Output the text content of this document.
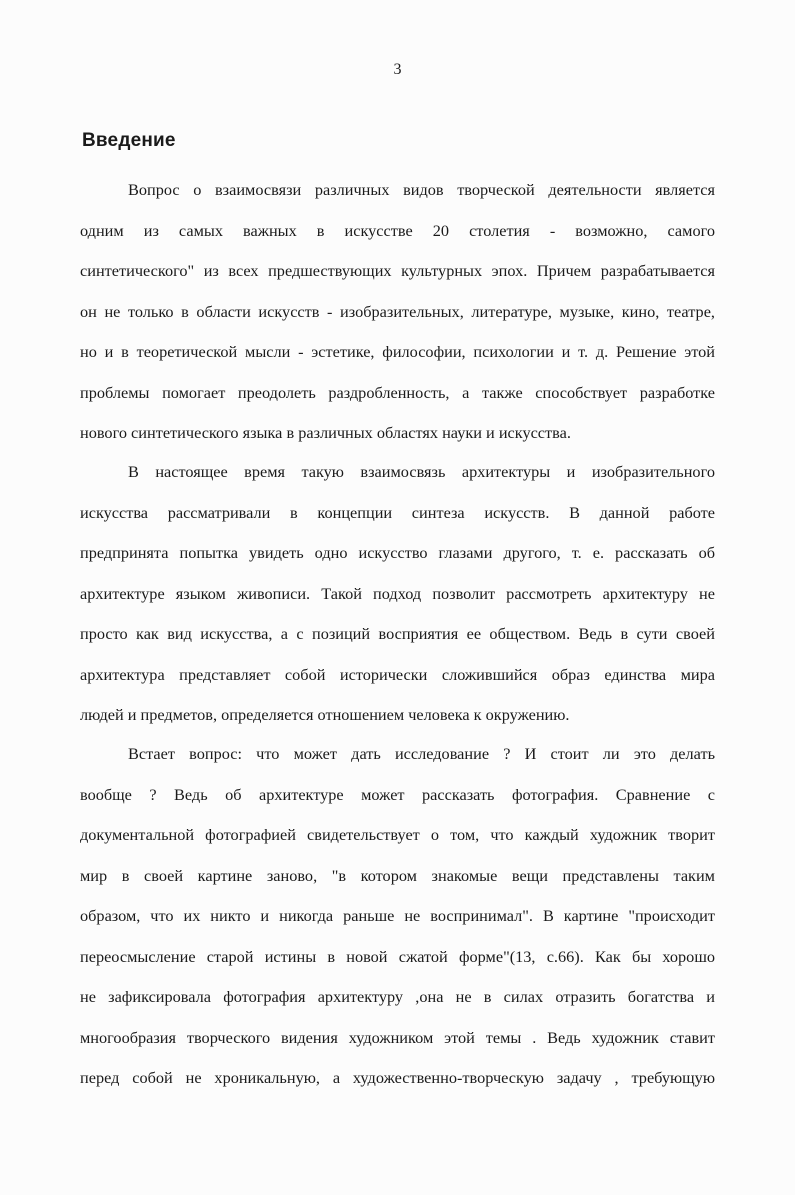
3
Введение
Вопрос о взаимосвязи различных видов творческой деятельности является
одним из самых важных в искусстве 20 столетия - возможно, самого
синтетического" из всех предшествующих культурных эпох. Причем разрабатывается
он не только в области искусств - изобразительных, литературе, музыке, кино, театре,
но и в теоретической мысли - эстетике, философии, психологии и т. д. Решение этой
проблемы помогает преодолеть раздробленность, а также способствует разработке
нового синтетического языка в различных областях науки и искусства.
В настоящее время такую взаимосвязь архитектуры и изобразительного
искусства рассматривали в концепции синтеза искусств. В данной работе
предпринята попытка увидеть одно искусство глазами другого, т. е. рассказать об
архитектуре языком живописи. Такой подход позволит рассмотреть архитектуру не
просто как вид искусства, а с позиций восприятия ее обществом. Ведь в сути своей
архитектура представляет собой исторически сложившийся образ единства мира
людей и предметов, определяется отношением человека к окружению.
Встает вопрос: что может дать исследование ? И стоит ли это делать
вообще ? Ведь об архитектуре может рассказать фотография. Сравнение с
документальной фотографией свидетельствует о том, что каждый художник творит
мир в своей картине заново, "в котором знакомые вещи представлены таким
образом, что их никто и никогда раньше не воспринимал". В картине "происходит
переосмысление старой истины в новой сжатой форме"(13, с.66). Как бы хорошо
не зафиксировала фотография архитектуру ,она не в силах отразить богатства и
многообразия творческого видения художником этой темы . Ведь художник ставит
перед собой не хроникальную, а художественно-творческую задачу , требующую
